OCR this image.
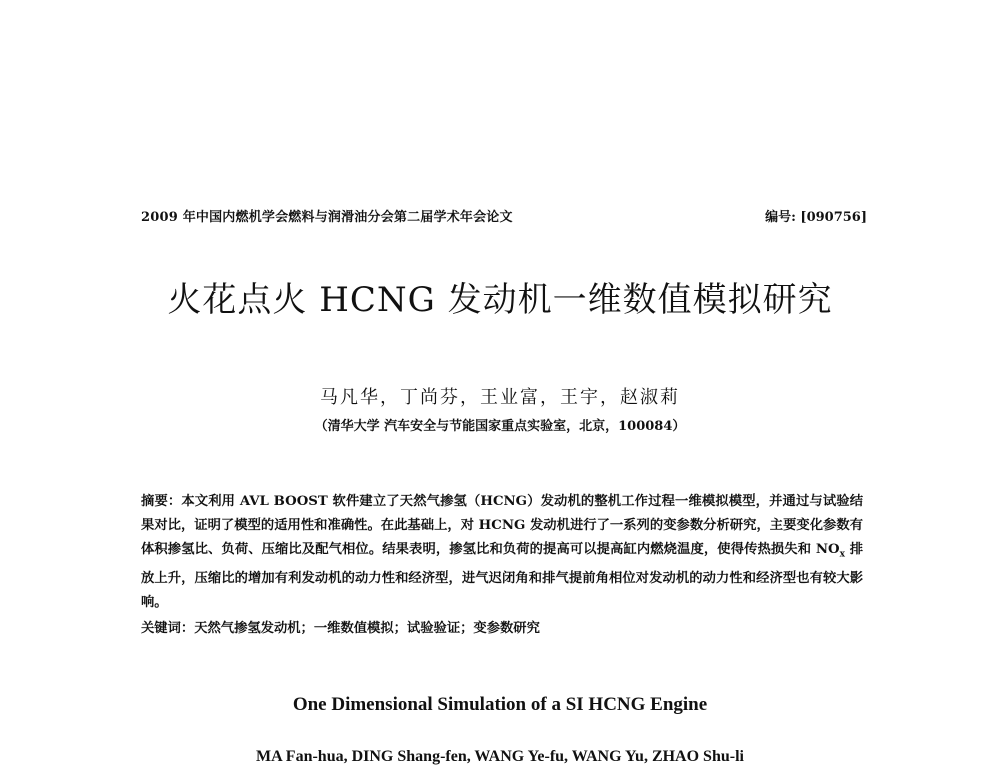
2009 年中国内燃机学会燃料与润滑油分会第二届学术年会论文	编号: [090756]
火花点火 HCNG 发动机一维数值模拟研究
马凡华，丁尚芬，王业富，王宇，赵淑莉
（清华大学 汽车安全与节能国家重点实验室，北京，100084）
摘要：本文利用 AVL BOOST 软件建立了天然气掺氢（HCNG）发动机的整机工作过程一维模拟模型，并通过与试验结果对比，证明了模型的适用性和准确性。在此基础上，对 HCNG 发动机进行了一系列的变参数分析研究，主要变化参数有体积掺氢比、负荷、压缩比及配气相位。结果表明，掺氢比和负荷的提高可以提高缸内燃烧温度，使得传热损失和 $NO_x$ 排放上升，压缩比的增加有利发动机的动力性和经济型，进气迟闭角和排气提前角相位对发动机的动力性和经济型也有较大影响。
关键词：天然气掺氢发动机；一维数值模拟；试验验证；变参数研究
One Dimensional Simulation of a SI HCNG Engine
MA Fan-hua, DING Shang-fen, WANG Ye-fu, WANG Yu, ZHAO Shu-li
